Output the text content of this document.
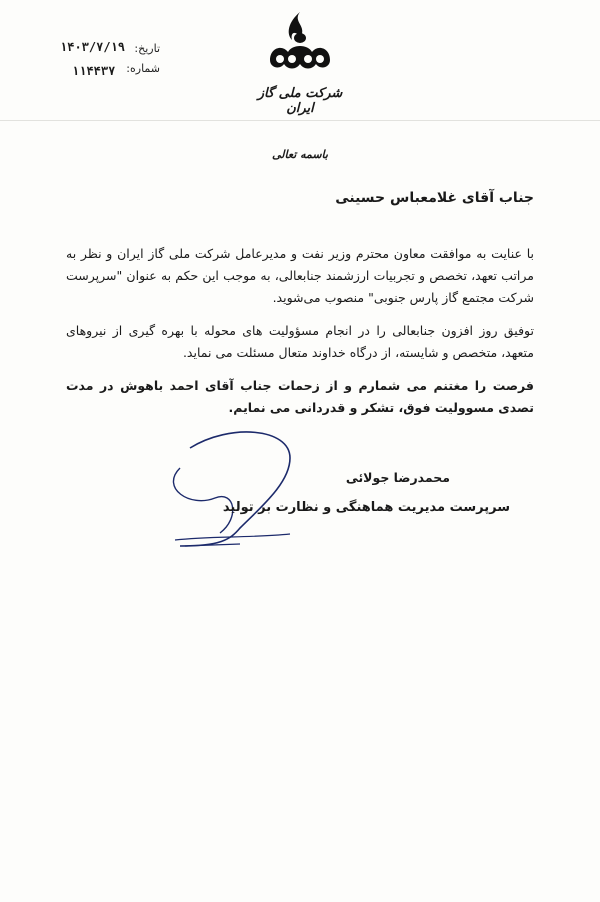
تاریخ:
۱۴۰۳/۷/۱۹
شماره:
۱۱۴۴۳۷
شرکت ملی گاز ایران
باسمه تعالی
جناب آقای غلامعباس حسینی
با عنایت به موافقت معاون محترم وزیر نفت و مدیرعامل شرکت ملی گاز ایران و نظر به مراتب تعهد، تخصص و تجربیات ارزشمند جنابعالی، به موجب این حکم به عنوان "سرپرست شرکت مجتمع گاز پارس جنوبی" منصوب می‌شوید.
توفیق روز افزون جنابعالی را در انجام مسؤولیت های محوله با بهره گیری از نیروهای متعهد، متخصص و شایسته، از درگاه خداوند متعال مسئلت می نماید.
فرصت را مغتنم می شمارم و از زحمات جناب آقای احمد باهوش در مدت تصدی مسوولیت فوق، تشکر و قدردانی می نمایم.
محمدرضا جولائی
سرپرست مدیریت هماهنگی و نظارت بر تولید
